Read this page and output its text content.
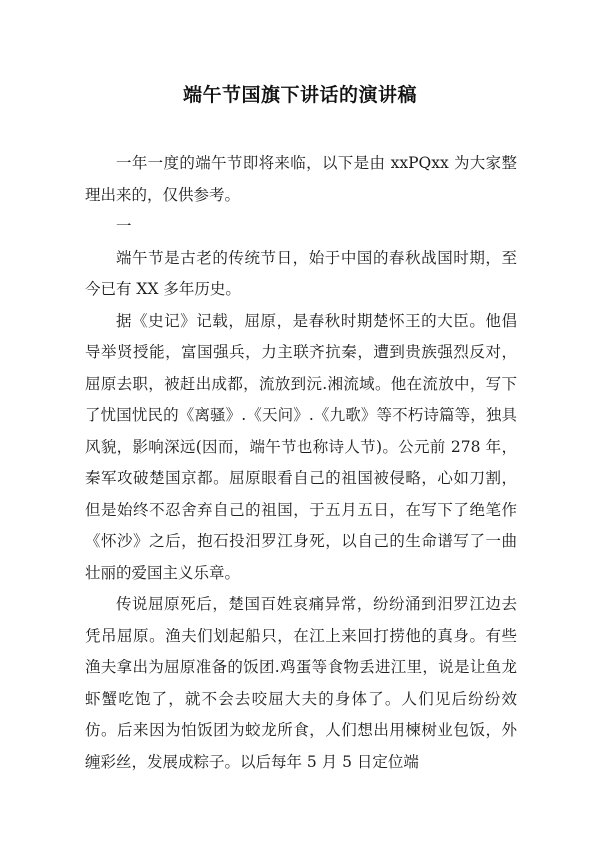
端午节国旗下讲话的演讲稿

一年一度的端午节即将来临，以下是由 xxPQxx 为大家整理出来的，仅供参考。

一

端午节是古老的传统节日，始于中国的春秋战国时期，至今已有 XX 多年历史。

据《史记》记载，屈原，是春秋时期楚怀王的大臣。他倡导举贤授能，富国强兵，力主联齐抗秦，遭到贵族强烈反对，屈原去职，被赶出成都，流放到沅.湘流域。他在流放中，写下了忧国忧民的《离骚》.《天问》.《九歌》等不朽诗篇等，独具风貌，影响深远(因而，端午节也称诗人节)。公元前 278 年，秦军攻破楚国京都。屈原眼看自己的祖国被侵略，心如刀割，但是始终不忍舍弃自己的祖国，于五月五日，在写下了绝笔作《怀沙》之后，抱石投汨罗江身死，以自己的生命谱写了一曲壮丽的爱国主义乐章。

传说屈原死后，楚国百姓哀痛异常，纷纷涌到汨罗江边去凭吊屈原。渔夫们划起船只，在江上来回打捞他的真身。有些渔夫拿出为屈原准备的饭团.鸡蛋等食物丢进江里，说是让鱼龙虾蟹吃饱了，就不会去咬屈大夫的身体了。人们见后纷纷效仿。后来因为怕饭团为蛟龙所食，人们想出用楝树业包饭，外缠彩丝，发展成粽子。以后每年 5 月 5 日定位端
